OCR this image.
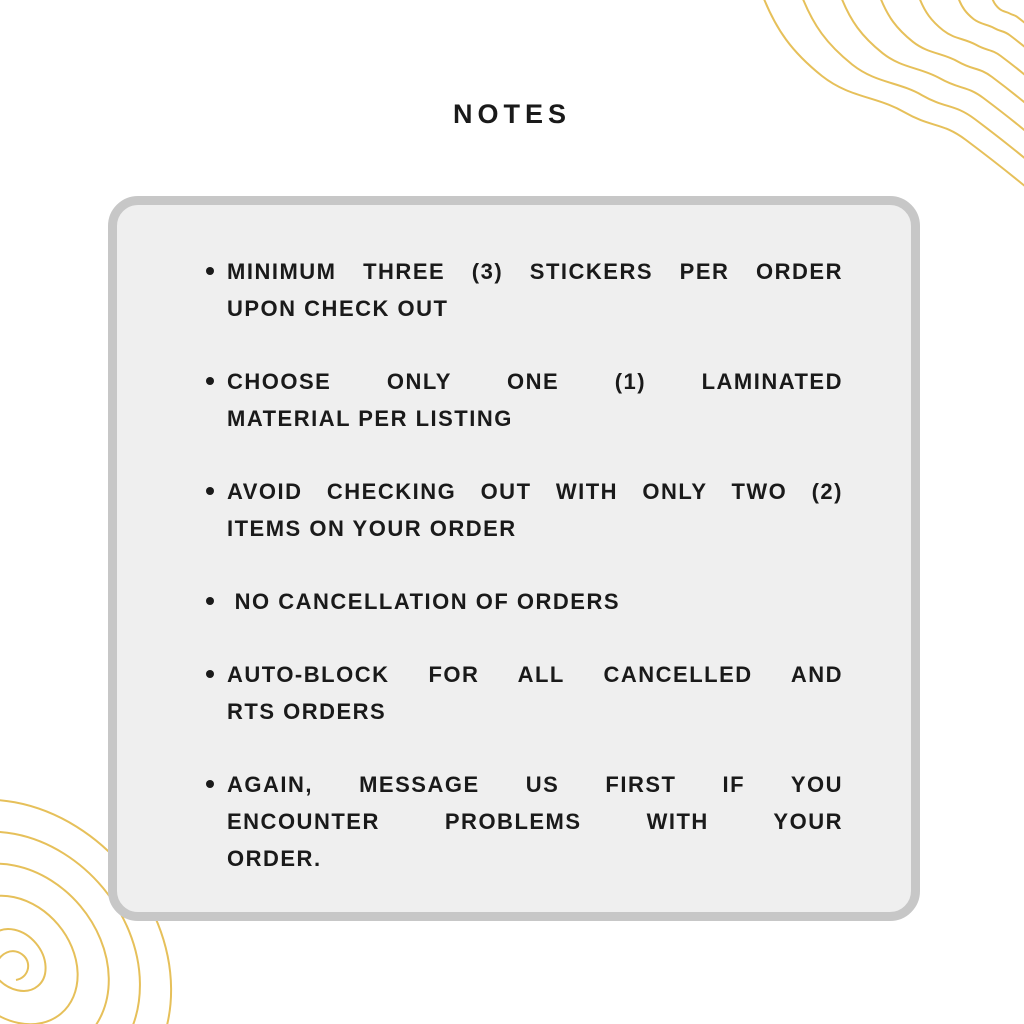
NOTES
MINIMUM THREE (3) STICKERS PER ORDER
UPON CHECK OUT
CHOOSE ONLY ONE (1) LAMINATED
MATERIAL PER LISTING
AVOID CHECKING OUT WITH ONLY TWO (2)
ITEMS ON YOUR ORDER
NO CANCELLATION OF ORDERS
AUTO-BLOCK FOR ALL CANCELLED AND
RTS ORDERS
AGAIN, MESSAGE US FIRST IF YOU
ENCOUNTER PROBLEMS WITH YOUR
ORDER.
